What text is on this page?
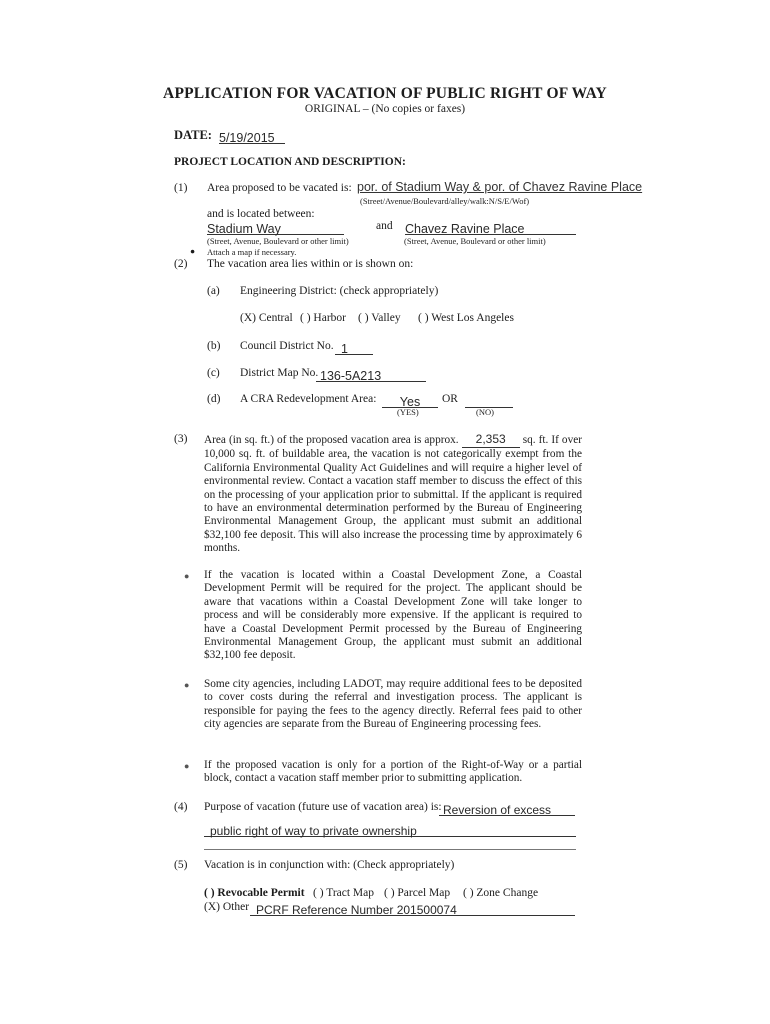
APPLICATION FOR VACATION OF PUBLIC RIGHT OF WAY
ORIGINAL – (No copies or faxes)
DATE: 5/19/2015
PROJECT LOCATION AND DESCRIPTION:
(1) Area proposed to be vacated is: por. of Stadium Way & por. of Chavez Ravine Place
(Street/Avenue/Boulevard/alley/walk:N/S/E/Wof)
and is located between:
Stadium Way	and Chavez Ravine Place
(Street, Avenue, Boulevard or other limit)	(Street, Avenue, Boulevard or other limit)
● Attach a map if necessary.
(2) The vacation area lies within or is shown on:
(a) Engineering District: (check appropriately)
(X) Central ( ) Harbor ( ) Valley ( ) West Los Angeles
(b) Council District No. 1
(c) District Map No. 136-5A213
(d) A CRA Redevelopment Area:	Yes	OR
(YES)	(NO)
(3) Area (in sq. ft.) of the proposed vacation area is approx. 2,353 sq. ft. If over 10,000 sq. ft. of buildable area, the vacation is not categorically exempt from the California Environmental Quality Act Guidelines and will require a higher level of environmental review. Contact a vacation staff member to discuss the effect of this on the processing of your application prior to submittal. If the applicant is required to have an environmental determination performed by the Bureau of Engineering Environmental Management Group, the applicant must submit an additional $32,100 fee deposit. This will also increase the processing time by approximately 6 months.
● If the vacation is located within a Coastal Development Zone, a Coastal Development Permit will be required for the project. The applicant should be aware that vacations within a Coastal Development Zone will take longer to process and will be considerably more expensive. If the applicant is required to have a Coastal Development Permit processed by the Bureau of Engineering Environmental Management Group, the applicant must submit an additional $32,100 fee deposit.
● Some city agencies, including LADOT, may require additional fees to be deposited to cover costs during the referral and investigation process. The applicant is responsible for paying the fees to the agency directly. Referral fees paid to other city agencies are separate from the Bureau of Engineering processing fees.
● If the proposed vacation is only for a portion of the Right-of-Way or a partial block, contact a vacation staff member prior to submitting application.
(4) Purpose of vacation (future use of vacation area) is: Reversion of excess
public right of way to private ownership
(5) Vacation is in conjunction with: (Check appropriately)
( ) Revocable Permit ( ) Tract Map ( ) Parcel Map ( ) Zone Change
(X) Other PCRF Reference Number 201500074
